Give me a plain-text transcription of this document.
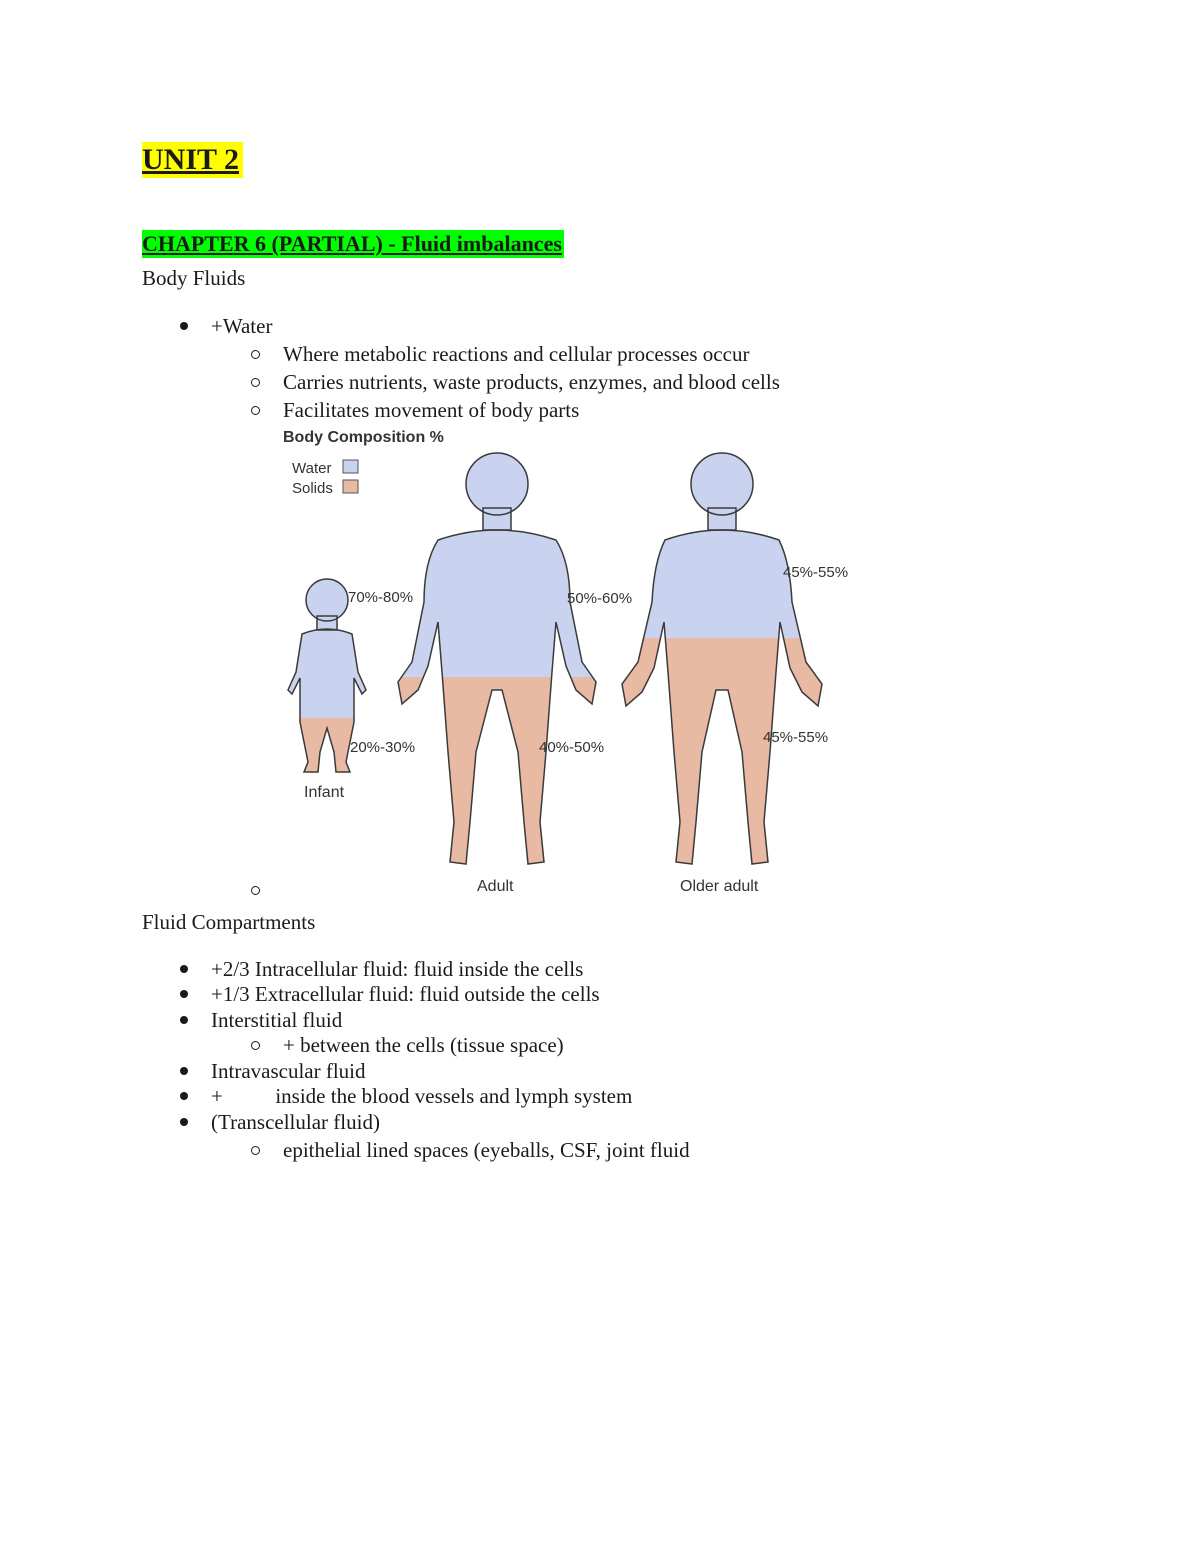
UNIT 2
CHAPTER 6 (PARTIAL) - Fluid imbalances
Body Fluids
+Water
Where metabolic reactions and cellular processes occur
Carries nutrients, waste products, enzymes, and blood cells
Facilitates movement of body parts
Body Composition %
Water
Solids
70%-80%
20%-30%
50%-60%
40%-50%
45%-55%
45%-55%
Infant
Adult	Older adult
Fluid Compartments
+2/3 Intracellular fluid: fluid inside the cells
+1/3 Extracellular fluid: fluid outside the cells
Interstitial fluid
+ between the cells (tissue space)
Intravascular fluid
+          inside the blood vessels and lymph system
(Transcellular fluid)
epithelial lined spaces (eyeballs, CSF, joint fluid
